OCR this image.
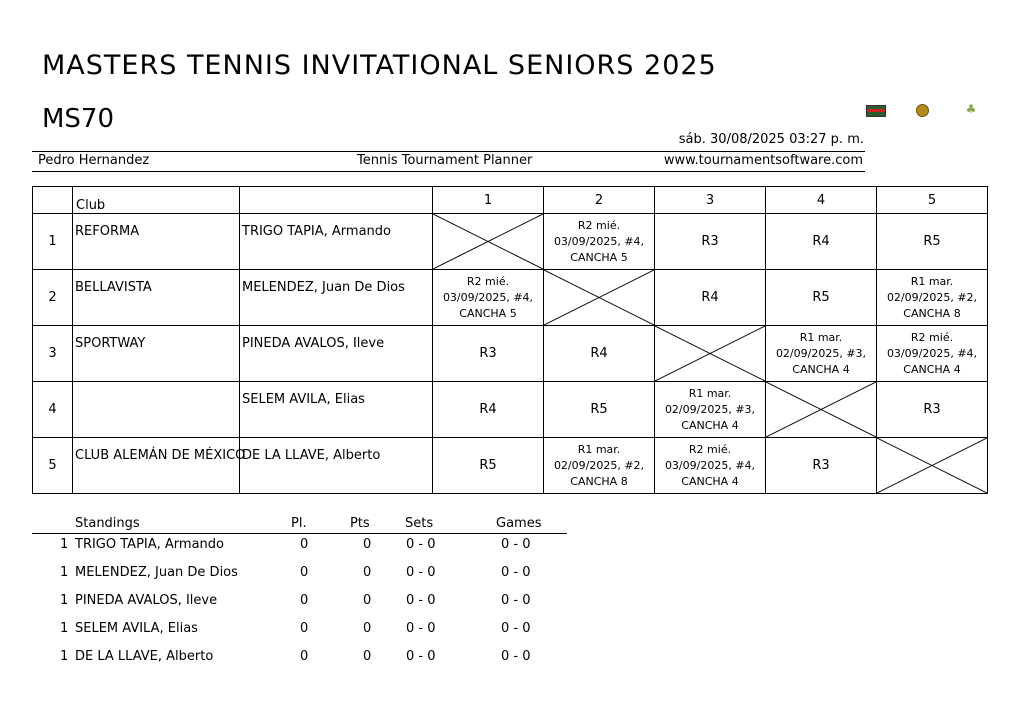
MASTERS TENNIS INVITATIONAL SENIORS 2025
MS70	♣
sáb. 30/08/2025 03:27 p. m.
Pedro Hernandez	Tennis Tournament Planner	www.tournamentsoftware.com

	Club		1	2	3	4	5
1	REFORMA	TRIGO TAPIA, Armando		R2 mié.
03/09/2025, #4,
CANCHA 5	R3	R4	R5

2	BELLAVISTA	MELENDEZ, Juan De Dios	R2 mié.
03/09/2025, #4,
CANCHA 5		R4	R5	R1 mar.
02/09/2025, #2,
CANCHA 8

3	SPORTWAY	PINEDA AVALOS, Ileve	R3	R4		R1 mar.
02/09/2025, #3,
CANCHA 4	R2 mié.
03/09/2025, #4,
CANCHA 4

4		SELEM AVILA, Elias	R4	R5	R1 mar.
02/09/2025, #3,
CANCHA 4		R3

5	CLUB ALEMÁN DE MÉXICO	DE LA LLAVE, Alberto	R5	R1 mar.
02/09/2025, #2,
CANCHA 8	R2 mié.
03/09/2025, #4,
CANCHA 4	R3

Standings	Pl.	Pts	Sets	Games
1 TRIGO TAPIA, Armando	0	0	0 - 0	0 - 0
1 MELENDEZ, Juan De Dios	0	0	0 - 0	0 - 0
1 PINEDA AVALOS, Ileve	0	0	0 - 0	0 - 0
1 SELEM AVILA, Elias	0	0	0 - 0	0 - 0
1 DE LA LLAVE, Alberto	0	0	0 - 0	0 - 0
